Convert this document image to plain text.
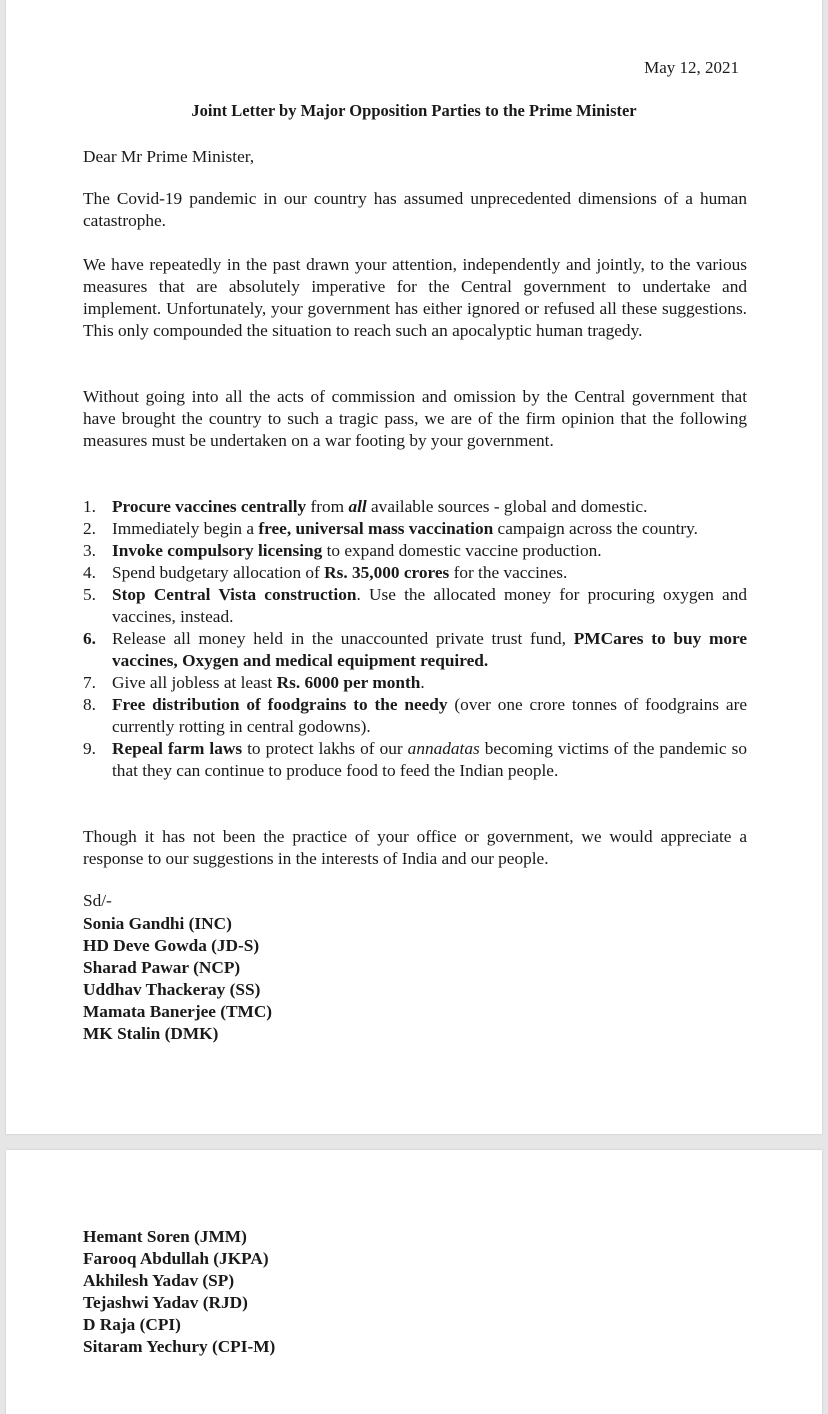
May 12, 2021
Joint Letter by Major Opposition Parties to the Prime Minister
Dear Mr Prime Minister,
The Covid-19 pandemic in our country has assumed unprecedented dimensions of a human catastrophe.
We have repeatedly in the past drawn your attention, independently and jointly, to the various measures that are absolutely imperative for the Central government to undertake and implement. Unfortunately, your government has either ignored or refused all these suggestions. This only compounded the situation to reach such an apocalyptic human tragedy.
Without going into all the acts of commission and omission by the Central government that have brought the country to such a tragic pass, we are of the firm opinion that the following measures must be undertaken on a war footing by your government.
1. Procure vaccines centrally from all available sources - global and domestic.
2. Immediately begin a free, universal mass vaccination campaign across the country.
3. Invoke compulsory licensing to expand domestic vaccine production.
4. Spend budgetary allocation of Rs. 35,000 crores for the vaccines.
5. Stop Central Vista construction. Use the allocated money for procuring oxygen and vaccines, instead.
6. Release all money held in the unaccounted private trust fund, PMCares to buy more vaccines, Oxygen and medical equipment required.
7. Give all jobless at least Rs. 6000 per month.
8. Free distribution of foodgrains to the needy (over one crore tonnes of foodgrains are currently rotting in central godowns).
9. Repeal farm laws to protect lakhs of our annadatas becoming victims of the pandemic so that they can continue to produce food to feed the Indian people.
Though it has not been the practice of your office or government, we would appreciate a response to our suggestions in the interests of India and our people.
Sd/-
Sonia Gandhi (INC)
HD Deve Gowda (JD-S)
Sharad Pawar (NCP)
Uddhav Thackeray (SS)
Mamata Banerjee (TMC)
MK Stalin (DMK)
Hemant Soren (JMM)
Farooq Abdullah (JKPA)
Akhilesh Yadav (SP)
Tejashwi Yadav (RJD)
D Raja (CPI)
Sitaram Yechury (CPI-M)
